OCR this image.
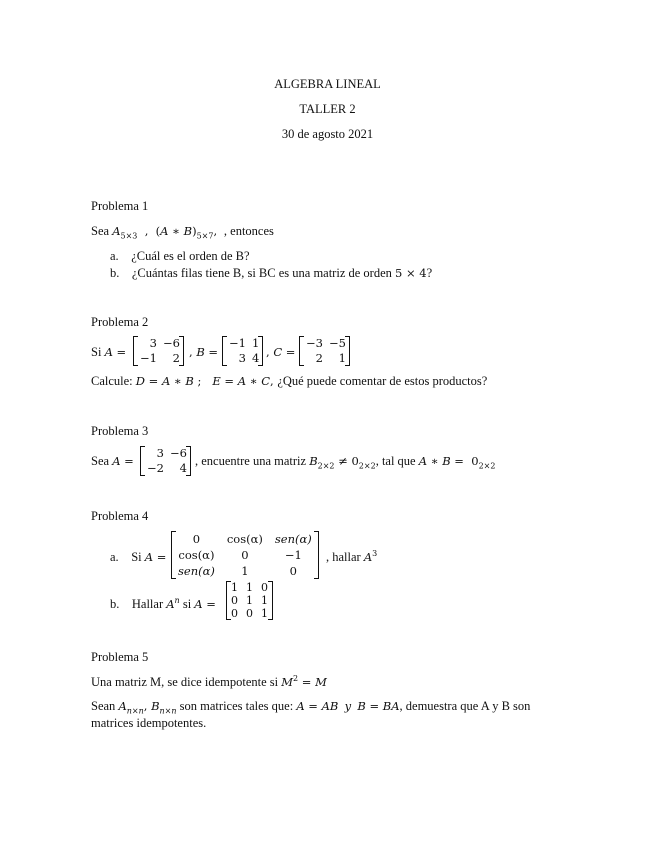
ALGEBRA LINEAL
TALLER 2
30 de agosto 2021
Problema 1
Sea $A_{5\times 3}$  ,  (A ∗ $B)_{5\times 7}$,  , entonces
a. ¿Cuál es el orden de B?
b. ¿Cuántas filas tiene B, si BC es una matriz de orden 5 × 4?
Problema 2
Si A =
3	−6
−1	2 , B =
−1	1
3	4 , C =
−3	−5
2	1
Calcule: D = A ∗ B ;   E = A ∗ C, ¿Qué puede comentar de estos productos?
Problema 3
Sea A =
3	−6
−2	4 , encuentre una matriz $B_{2\times 2} \ne 0_{2\times 2}$, tal que A ∗ $B = 0_{2\times 2}$
Problema 4
a. Si A =
0	cos(α)	sen(α)
cos(α)	0	−1
sen(α)	1	0
, hallar $A^3$
b. Hallar $A^n$ si A =
1	1	0
0	1	1
0	0	1
Problema 5
Una matriz M, se dice idempotente si $M^2 = M$
Sean $A_{n\times n}$, $B_{n\times n}$ son matrices tales que: A = AB y B = BA, demuestra que A y B son
matrices idempotentes.
